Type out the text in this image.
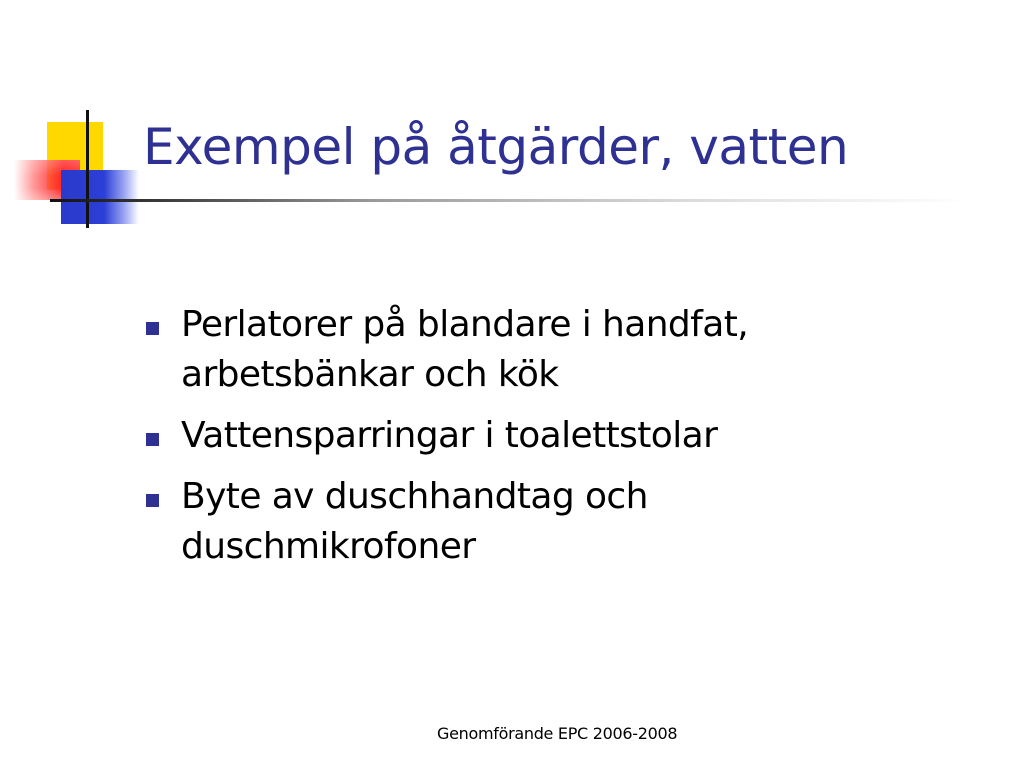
Exempel på åtgärder, vatten
Perlatorer på blandare i handfat, arbetsbänkar och kök
Vattensparringar i toalettstolar
Byte av duschhandtag och duschmikrofoner
Genomförande EPC 2006-2008
